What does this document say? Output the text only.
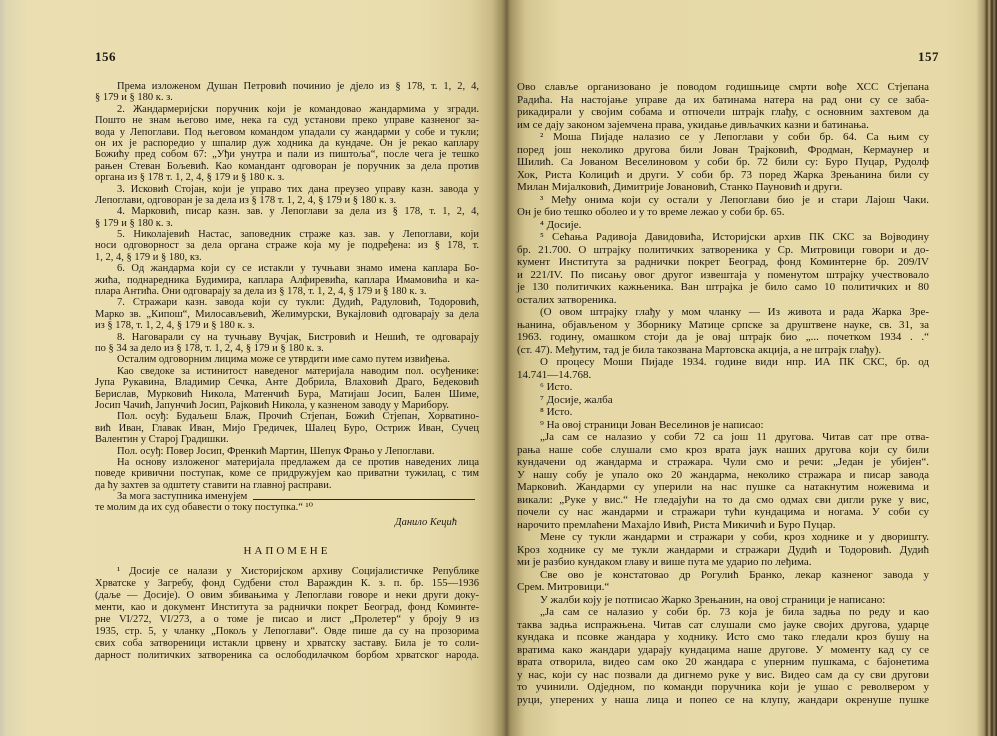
156
Према изложеном Душан Петровић починио је дјело из § 178, т. 1, 2, 4,
§ 179 и § 180 к. з.
2. Жандармеријски поручник који је командовао жандармима у згради.
Пошто не знам његово име, нека га суд установи преко управе казненог за-
вода у Лепоглави. Под његовом командом упадали су жандарми у собе и тукли;
он их је распоредио у шпалир дуж ходника да кундаче. Он је рекао каплару
Божићу пред собом 67: „Уђи унутра и пали из пиштоља“, после чега је тешко
рањен Стеван Бољевић. Као командант одговоран је поручник за дела против
органа из § 178 т. 1, 2, 4, § 179 и § 180 к. з.
3. Исковић Стојан, који је управо тих дана преузео управу казн. завода у
Лепоглави, одговоран је за дела из § 178 т. 1, 2, 4, § 179 и § 180 к. з.
4. Марковић, писар казн. зав. у Лепоглави за дела из § 178, т. 1, 2, 4,
§ 179 и § 180 к. з.
5. Николајевић Настас, заповедник страже каз. зав. у Лепоглави, који
носи одговорност за дела органа страже која му је подређена: из § 178, т.
1, 2, 4, § 179 и § 180, кз.
6. Од жандарма који су се истакли у тучњави знамо имена каплара Бо-
жића, поднаредника Будимира, каплара Алфиревића, каплара Имамовића и ка-
плара Антића. Они одговарају за дела из § 178, т. 1, 2, 4, § 179 и § 180 к. з.
7. Стражари казн. завода који су тукли: Дудић, Радуловић, Тодоровић,
Марко зв. „Кипош“, Милосављевић, Желимурски, Вукајловић одговарају за дела
из § 178, т. 1, 2, 4, § 179 и § 180 к. з.
8. Наговарали су на тучњаву Вучјак, Бистровић и Нешић, те одговарају
по § 34 за дело из § 178, т. 1, 2, 4, § 179 и § 180 к. з.
Осталим одговорним лицима може се утврдити име само путем извиђења.
Као сведоке за истинитост наведеног материјала наводим пол. осуђенике:
Јупа Рукавина, Владимир Сечка, Анте Добрила, Влаховић Драго, Бедековић
Берислав, Мурковић Никола, Матенчић Бура, Матијаш Јосип, Бален Шиме,
Јосип Чачић, Јапунчић Јосип, Рајковић Никола, у казненом заводу у Марибору.
Пол. осуђ: Будаљеш Блаж, Прочић Стјепан, Божић Стјепан, Хорватино-
вић Иван, Главак Иван, Мијо Гредичек, Шалец Буро, Остриж Иван, Сучец
Валентин у Старој Градишки.
Пол. осуђ: Повер Јосип, Френкић Мартин, Шепук Фрањо у Лепоглави.
На основу изложеног материјала предлажем да се против наведених лица
поведе кривични поступак, коме се придружујем као приватни тужилац, с тим
да ћу захтев за одштету ставити на главној расправи.
За мога заступника именујем
те молим да их суд обавести о току поступка.“ ¹⁰
Данило Кецић
НАПОМЕНЕ
¹ Досије се налази у Хисторијском архиву Социјалистичке Републике
Хрватске у Загребу, фонд Судбени стол Вараждин К. з. п. бр. 155—1936
(даље — Досије). О овим збивањима у Лепоглави говоре и неки други доку-
менти, као и документ Института за раднички покрет Београд, фонд Коминте-
рне VI/272, VI/273, а о томе је писао и лист „Пролетер“ у броју 9 из
1935, стр. 5, у чланку „Покољ у Лепоглави“. Овде пише да су на прозорима
свих соба затвореници истакли црвену и хрватску заставу. Била је то соли-
дарност политичких затвореника са ослободилачком борбом хрватског народа.
157
Ово славље организовано је поводом годишњице смрти вође ХСС Стјепана
Радића. На настојање управе да их батинама натера на рад они су се заба-
рикадирали у својим собама и отпочели штрајк глађу, с основним захтевом да
им се дају законом зајемчена права, укидање дивљачких казни и батинања.
² Моша Пијаде налазио се у Лепоглави у соби бр. 64. Са њим су
поред још неколико другова били Јован Трајковић, Фродман, Кермаунер и
Шилић. Са Јованом Веселиновом у соби бр. 72 били су: Буро Пуцар, Рудолф
Хок, Риста Колицић и други. У соби бр. 73 поред Жарка Зрењанина били су
Милан Мијалковић, Димитрије Јовановић, Станко Пауновић и други.
³ Међу онима који су остали у Лепоглави био је и стари Лајош Чаки.
Он је био тешко оболео и у то време лежао у соби бр. 65.
⁴ Досије.
⁵ Сећања Радивоја Давидовића, Историјски архив ПК СКС за Војводину
бр. 21.700. О штрајку политичких затвореника у Ср. Митровици говори и до-
кумент Института за раднички покрет Београд, фонд Коминтерне бр. 209/IV
и 221/IV. По писању овог другог извештаја у поменутом штрајку учествовало
је 130 политичких кажњеника. Ван штрајка је било само 10 политичких и 80
осталих затвореника.
(О овом штрајку глађу у мом чланку — Из живота и рада Жарка Зре-
њанина, објављеном у Зборнику Матице српске за друштвене науке, св. 31, за
1963. годину, омашком стоји да је овај штрајк био „... почетком 1934 . .“
(ст. 47). Међутим, тад је била такозвана Мартовска акција, а не штрајк глађу).
О процесу Моши Пијаде 1934. године види нпр. ИА ПК СКС, бр. од
14.741—14.768.
⁶ Исто.
⁷ Досије, жалба
⁸ Исто.
⁹ На овој страници Јован Веселинов је написао:
„Ја сам се налазио у соби 72 са још 11 другова. Читав сат пре отва-
рања наше собе слушали смо кроз врата јаук наших другова који су били
кундачени од жандарма и стражара. Чули смо и речи: „Један је убијен“.
У нашу собу је упало око 20 жандарма, неколико стражара и писар завода
Марковић. Жандарми су уперили на нас пушке са натакнутим ножевима и
викали: „Руке у вис.“ Не гледајући на то да смо одмах сви дигли руке у вис,
почели су нас жандарми и стражари тући кундацима и ногама. У соби су
нарочито премлаћени Махајло Ивић, Риста Микичић и Буро Пуцар.
Мене су тукли жандарми и стражари у соби, кроз ходнике и у дворишту.
Кроз ходнике су ме тукли жандарми и стражари Дудић и Тодоровић. Дудић
ми је разбио кундаком главу и више пута ме ударио по леђима.
Све ово је констатовао др Рогулић Бранко, лекар казненог завода у
Срем. Митровици.“
У жалби коју је потписао Жарко Зрењанин, на овој страници је написано:
„Ја сам се налазио у соби бр. 73 која је била задња по реду и као
таква задња испражњена. Читав сат слушали смо јауке својих другова, ударце
кундака и псовке жандара у ходнику. Исто смо тако гледали кроз бушу на
вратима како жандари ударају кундацима наше другове. У моменту кад су се
врата отворила, видео сам око 20 жандара с уперним пушкама, с бајонетима
у нас, који су нас позвали да дигнемо руке у вис. Видео сам да су сви другови
то учинили. Одједном, по команди поручника који је ушао с револвером у
руци, уперених у наша лица и попео се на клупу, жандари окренуше пушке
